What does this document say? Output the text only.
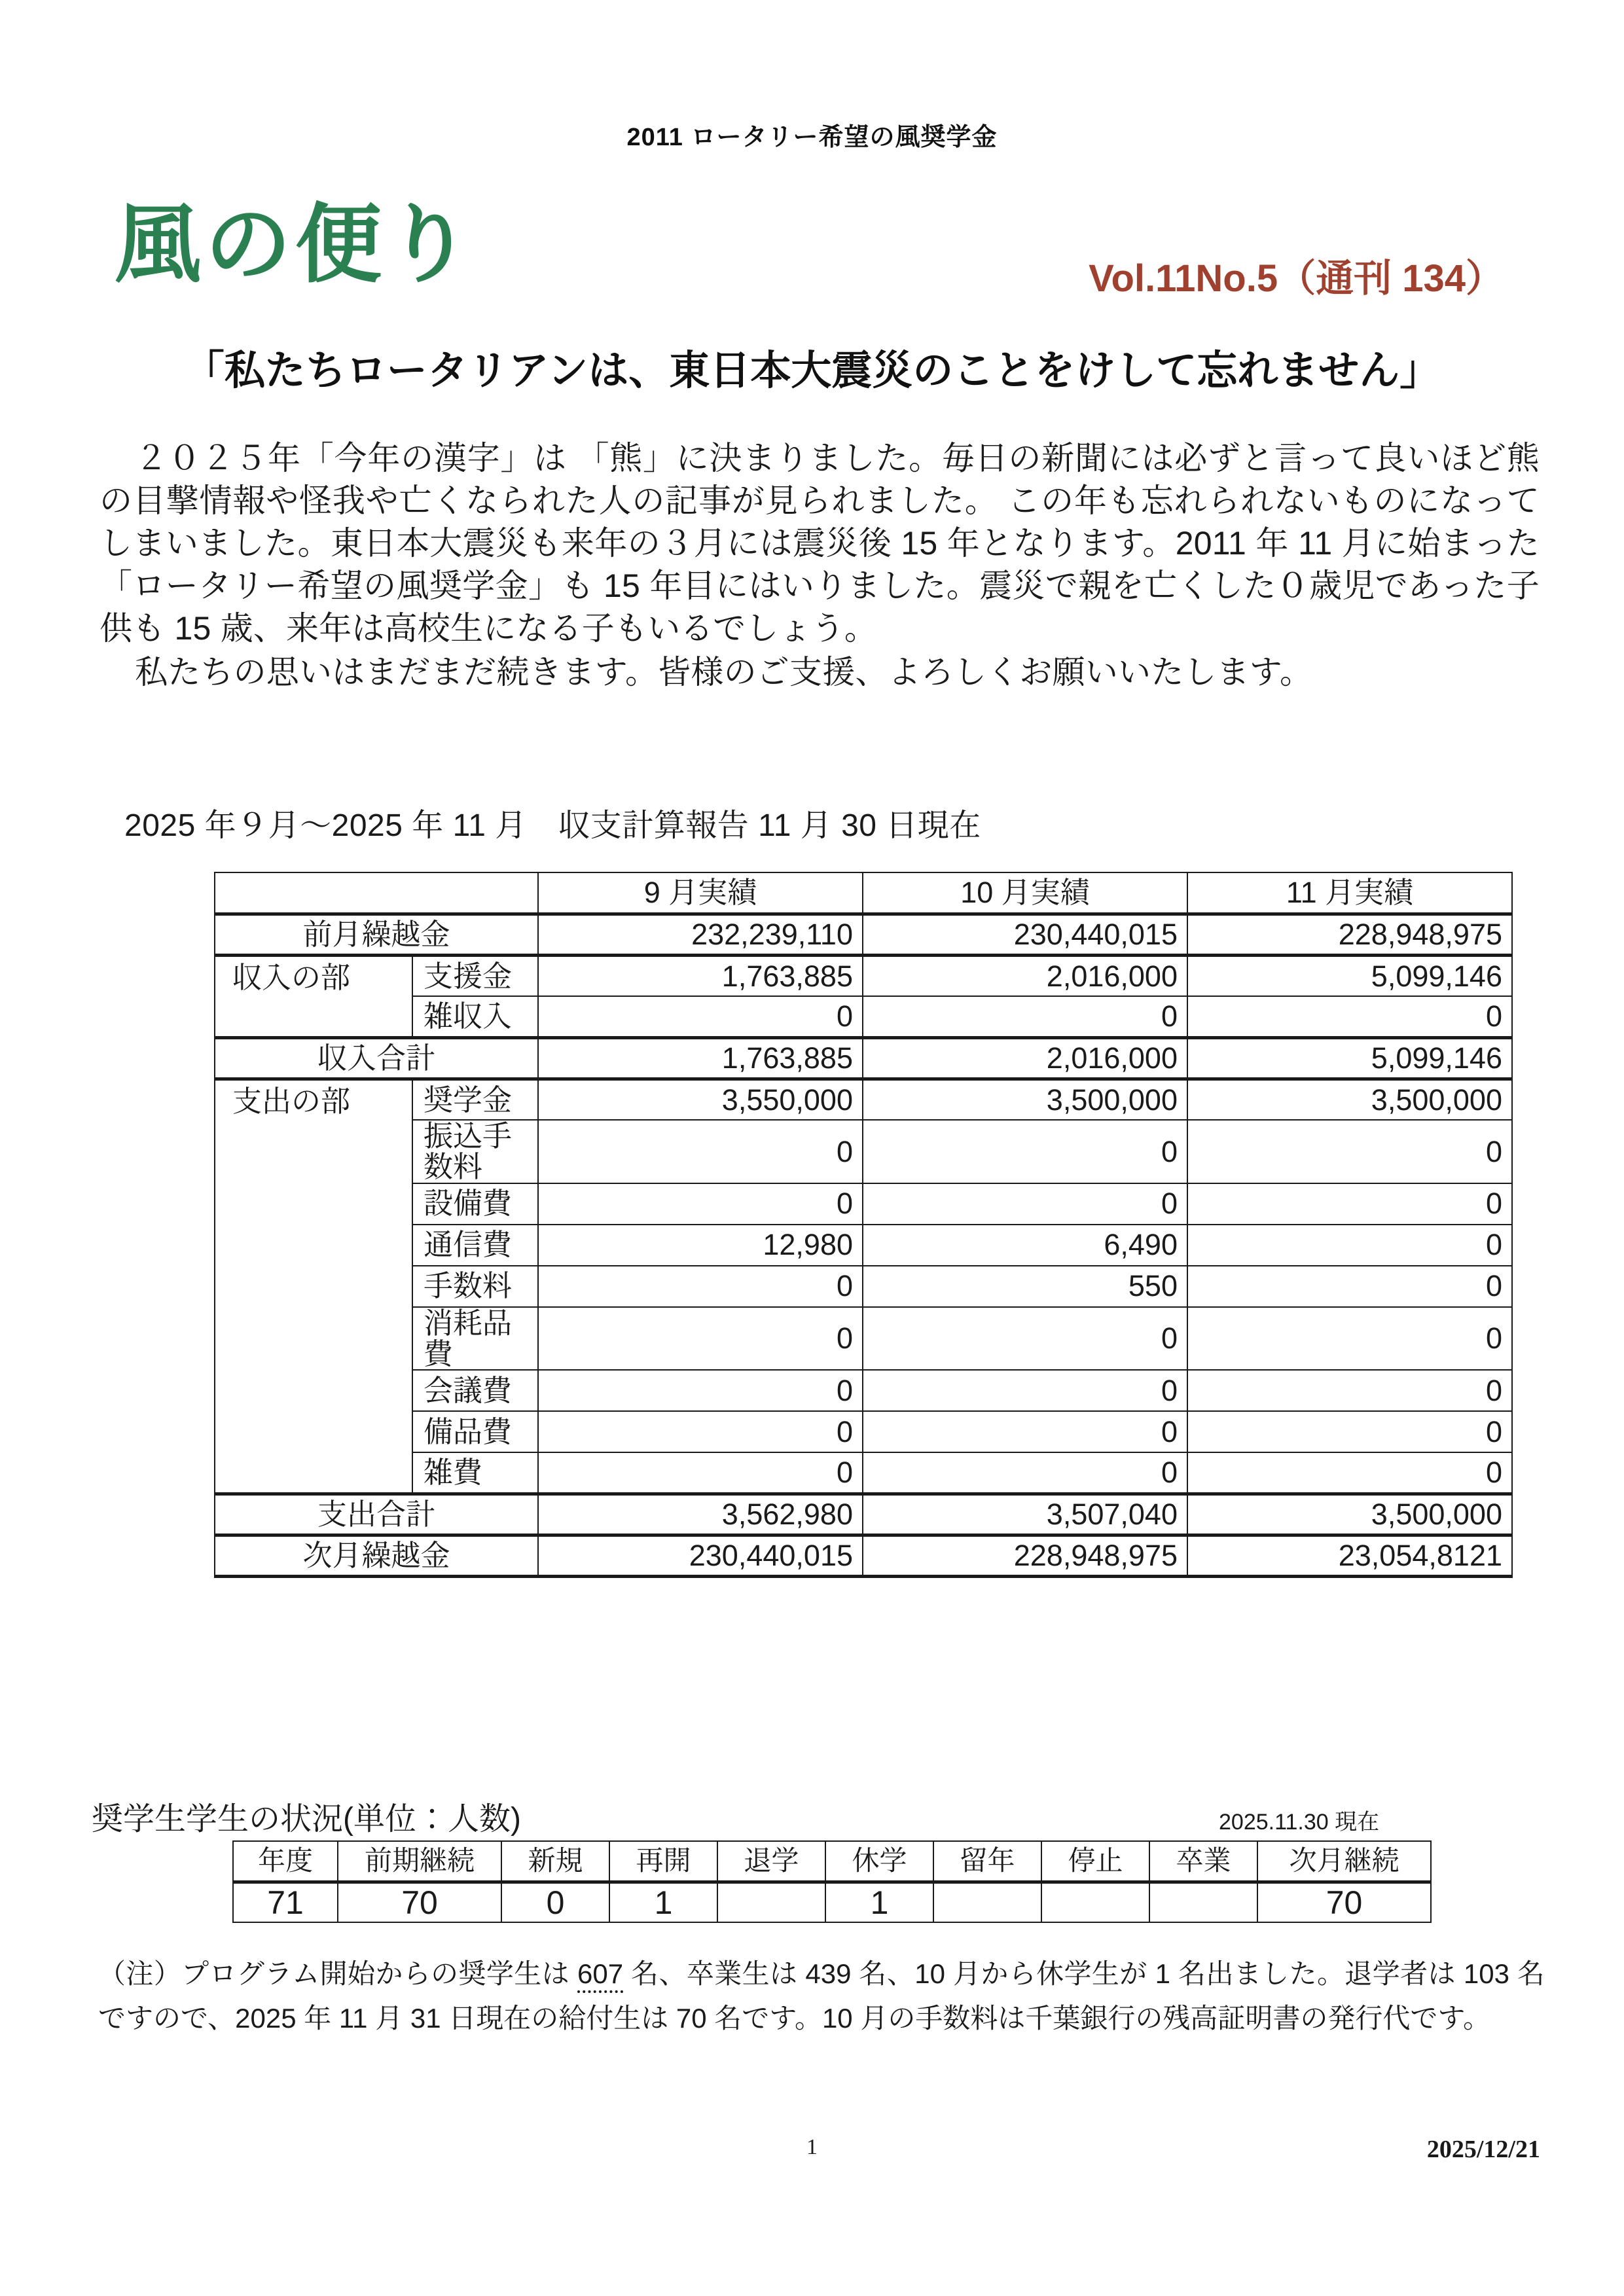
2011 ロータリー希望の風奨学金
風の便り	Vol.11No.5（通刊 134）
「私たちロータリアンは、東日本大震災のことをけして忘れません」

２０２５年「今年の漢字」は 「熊」に決まりました。毎日の新聞には必ずと言って良いほど熊の目撃情報や怪我や亡くなられた人の記事が見られました。 この年も忘れられないものになってしまいました。東日本大震災も来年の３月には震災後 15 年となります。2011 年 11 月に始まった「ロータリー希望の風奨学金」も 15 年目にはいりました。震災で親を亡くした０歳児であった子供も 15 歳、来年は高校生になる子もいるでしょう。

私たちの思いはまだまだ続きます。皆様のご支援、よろしくお願いいたします。

2025 年９月〜2025 年 11 月　収支計算報告 11 月 30 日現在
		9 月実績	10 月実績	11 月実績
前月繰越金		232,239,110	230,440,015	228,948,975
収入の部	支援金	1,763,885	2,016,000	5,099,146
	雑収入	0	0	0
収入合計		1,763,885	2,016,000	5,099,146
支出の部	奨学金	3,550,000	3,500,000	3,500,000
	振込手数料	0	0	0
	設備費	0	0	0
	通信費	12,980	6,490	0
	手数料	0	550	0
	消耗品費	0	0	0
	会議費	0	0	0
	備品費	0	0	0
	雑費	0	0	0
支出合計		3,562,980	3,507,040	3,500,000
次月繰越金		230,440,015	228,948,975	23,054,8121
奨学生学生の状況(単位：人数)	2025.11.30 現在
年度	前期継続	新規	再開	退学	休学	留年	停止	卒業	次月継続
71	70	0	1		1				70
（注）プログラム開始からの奨学生は 607 名、卒業生は 439 名、10 月から休学生が 1 名出ました。退学者は 103 名ですので、2025 年 11 月 31 日現在の給付生は 70 名です。10 月の手数料は千葉銀行の残高証明書の発行代です。
1	2025/12/21
